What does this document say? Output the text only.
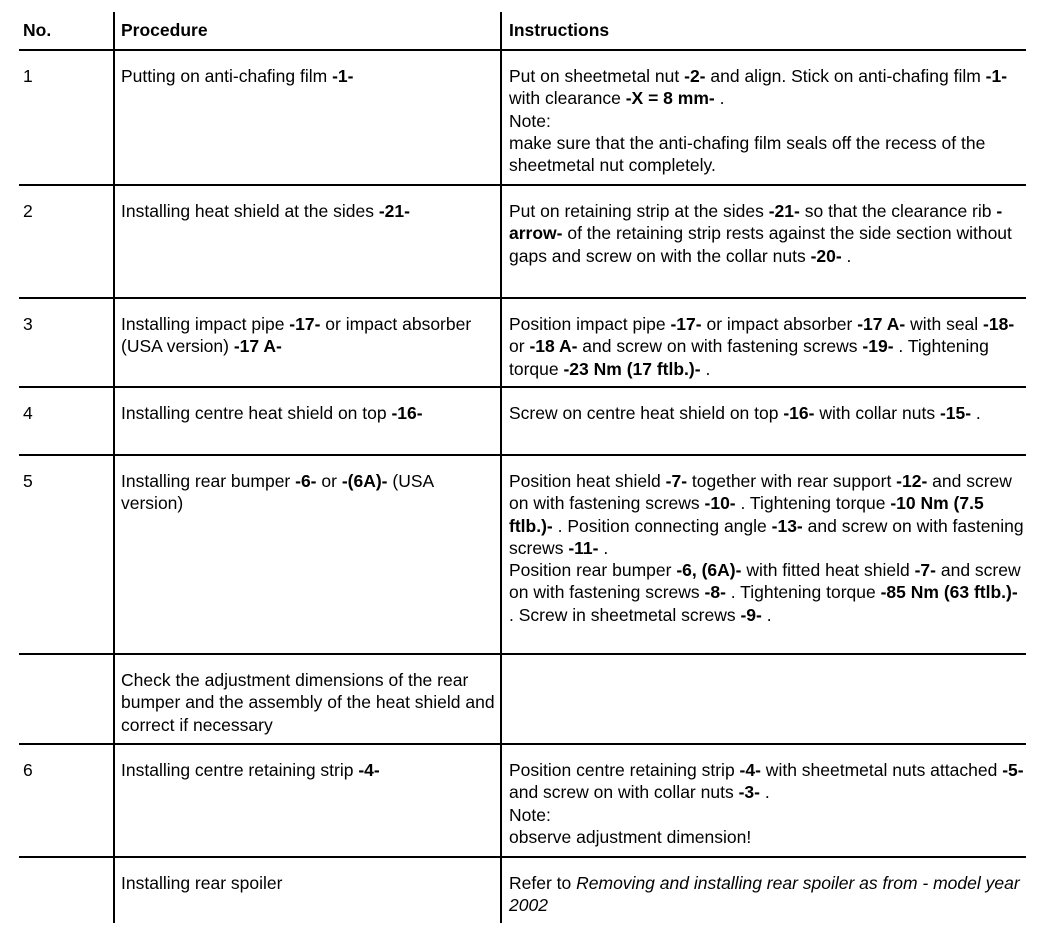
No.	Procedure	Instructions
1	Putting on anti-chafing film -1-	Put on sheetmetal nut -2- and align. Stick on anti-chafing film -1- with clearance -X = 8 mm- .
Note:
make sure that the anti-chafing film seals off the recess of the sheetmetal nut completely.
2	Installing heat shield at the sides -21-	Put on retaining strip at the sides -21- so that the clearance rib -arrow- of the retaining strip rests against the side section without gaps and screw on with the collar nuts -20- .
3	Installing impact pipe -17- or impact absorber (USA version) -17 A-	Position impact pipe -17- or impact absorber -17 A- with seal -18- or -18 A- and screw on with fastening screws -19- . Tightening torque -23 Nm (17 ftlb.)- .
4	Installing centre heat shield on top -16-	Screw on centre heat shield on top -16- with collar nuts -15- .
5	Installing rear bumper -6- or -(6A)- (USA version)	Position heat shield -7- together with rear support -12- and screw on with fastening screws -10- . Tightening torque -10 Nm (7.5 ftlb.)- . Position connecting angle -13- and screw on with fastening screws -11- .
Position rear bumper -6, (6A)- with fitted heat shield -7- and screw on with fastening screws -8- . Tightening torque -85 Nm (63 ftlb.)- . Screw in sheetmetal screws -9- .
	Check the adjustment dimensions of the rear bumper and the assembly of the heat shield and correct if necessary	
6	Installing centre retaining strip -4-	Position centre retaining strip -4- with sheetmetal nuts attached -5- and screw on with collar nuts -3- .
Note:
observe adjustment dimension!
	Installing rear spoiler	Refer to Removing and installing rear spoiler as from - model year 2002
